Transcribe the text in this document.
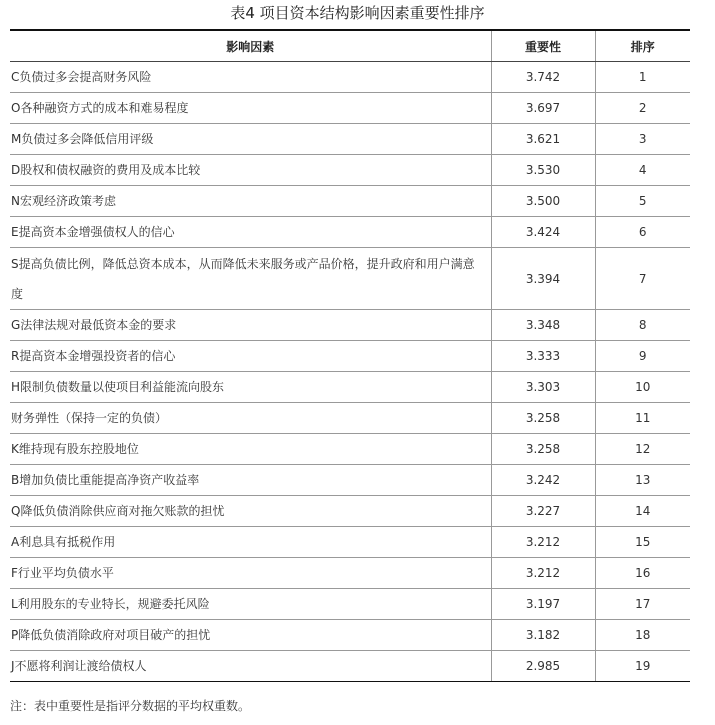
表4 项目资本结构影响因素重要性排序
影响因素	重要性	排序
C负债过多会提高财务风险	3.742	1
O各种融资方式的成本和难易程度	3.697	2
M负债过多会降低信用评级	3.621	3
D股权和债权融资的费用及成本比较	3.530	4
N宏观经济政策考虑	3.500	5
E提高资本金增强债权人的信心	3.424	6
S提高负债比例，降低总资本成本，从而降低未来服务或产品价格，提升政府和用户满意度	3.394	7
G法律法规对最低资本金的要求	3.348	8
R提高资本金增强投资者的信心	3.333	9
H限制负债数量以使项目利益能流向股东	3.303	10
财务弹性（保持一定的负债）	3.258	11
K维持现有股东控股地位	3.258	12
B增加负债比重能提高净资产收益率	3.242	13
Q降低负债消除供应商对拖欠账款的担忧	3.227	14
A利息具有抵税作用	3.212	15
F行业平均负债水平	3.212	16
L利用股东的专业特长，规避委托风险	3.197	17
P降低负债消除政府对项目破产的担忧	3.182	18
J不愿将利润让渡给债权人	2.985	19
注：表中重要性是指评分数据的平均权重数。
